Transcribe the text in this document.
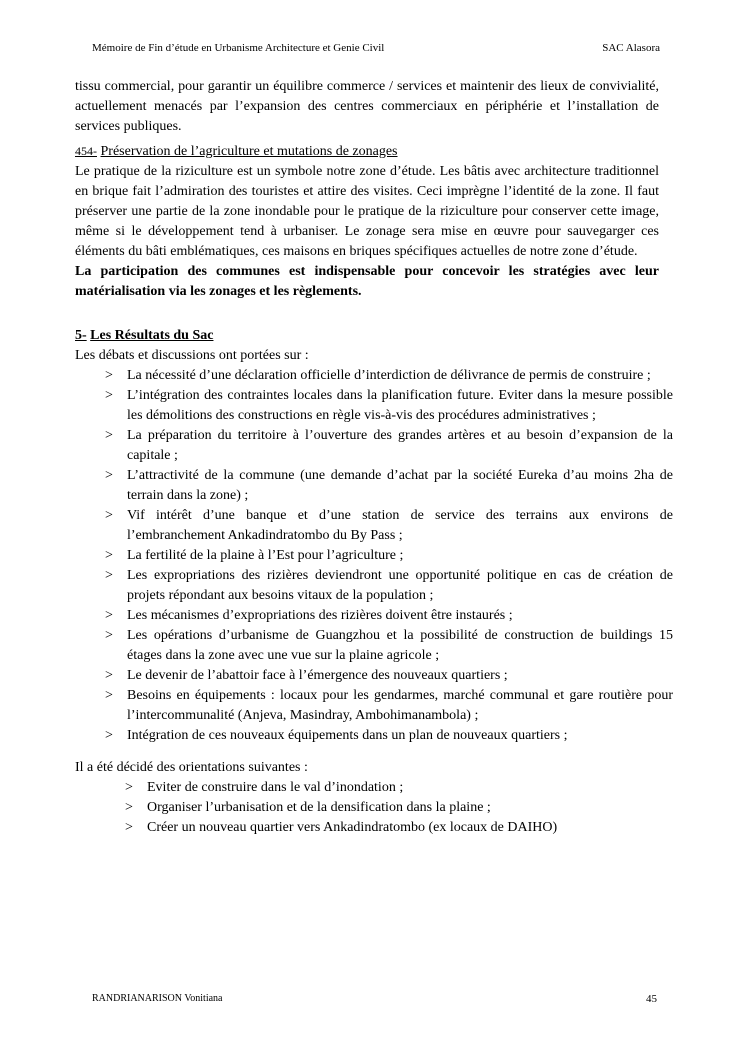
Mémoire de Fin d’étude en Urbanisme Architecture et Genie Civil	SAC Alasora

tissu commercial, pour garantir un équilibre commerce / services et maintenir des lieux de convivialité, actuellement menacés par l’expansion des centres commerciaux en périphérie et l’installation de services publiques.

454- Préservation de l’agriculture et mutations de zonages

Le pratique de la riziculture est un symbole notre zone d’étude. Les bâtis avec architecture traditionnel en brique fait l’admiration des touristes et attire des visites. Ceci imprègne l’identité de la zone. Il faut préserver une partie de la zone inondable pour le pratique de la riziculture pour conserver cette image, même si le développement tend à urbaniser. Le zonage sera mise en œuvre pour sauvegarger ces éléments du bâti emblématiques, ces maisons en briques spécifiques actuelles de notre zone d’étude.

La participation des communes est indispensable pour concevoir les stratégies avec leur matérialisation via les zonages et les règlements.

5- Les Résultats du Sac
Les débats et discussions ont portées sur :
> La nécessité d’une déclaration officielle d’interdiction de délivrance de permis de construire ;
> L’intégration des contraintes locales dans la planification future. Eviter dans la mesure possible les démolitions des constructions en règle vis-à-vis des procédures administratives ;
> La préparation du territoire à l’ouverture des grandes artères et au besoin d’expansion de la capitale ;
> L’attractivité de la commune (une demande d’achat par la société Eureka d’au moins 2ha de terrain dans la zone) ;
> Vif intérêt d’une banque et d’une station de service des terrains aux environs de l’embranchement Ankadindratombo du By Pass ;
> La fertilité de la plaine à l’Est pour l’agriculture ;
> Les expropriations des rizières deviendront une opportunité politique en cas de création de projets répondant aux besoins vitaux de la population ;
> Les mécanismes d’expropriations des rizières doivent être instaurés ;
> Les opérations d’urbanisme de Guangzhou et la possibilité de construction de buildings 15 étages dans la zone avec une vue sur la plaine agricole ;
> Le devenir de l’abattoir face à l’émergence des nouveaux quartiers ;
> Besoins en équipements : locaux pour les gendarmes, marché communal et gare routière pour l’intercommunalité (Anjeva, Masindray, Ambohimanambola) ;
> Intégration de ces nouveaux équipements dans un plan de nouveaux quartiers ;
Il a été décidé des orientations suivantes :
> Eviter de construire dans le val d’inondation ;
> Organiser l’urbanisation et de la densification dans la plaine ;
> Créer un nouveau quartier vers Ankadindratombo (ex locaux de DAIHO)
RANDRIANARISON Vonitiana	45
